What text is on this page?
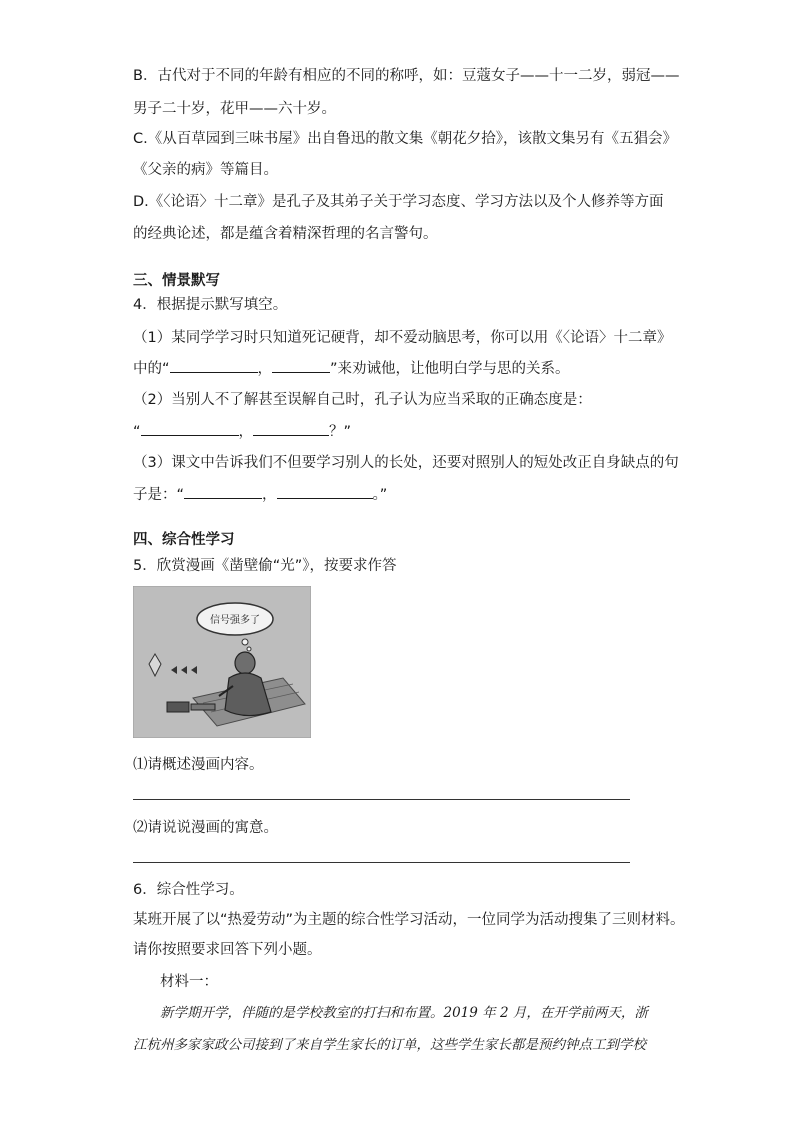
B．古代对于不同的年龄有相应的不同的称呼，如：豆蔻女子——十一二岁，弱冠——
男子二十岁，花甲——六十岁。
C.《从百草园到三味书屋》出自鲁迅的散文集《朝花夕拾》，该散文集另有《五猖会》
《父亲的病》等篇目。
D.《〈论语〉十二章》是孔子及其弟子关于学习态度、学习方法以及个人修养等方面
的经典论述，都是蕴含着精深哲理的名言警句。
三、情景默写
4．根据提示默写填空。
（1）某同学学习时只知道死记硬背，却不爱动脑思考，你可以用《〈论语〉十二章》
中的“	，	”来劝诫他，让他明白学与思的关系。
（2）当别人不了解甚至误解自己时，孔子认为应当采取的正确态度是：
“	，	？”
（3）课文中告诉我们不但要学习别人的长处，还要对照别人的短处改正自身缺点的句
子是：“	，	。”
四、综合性学习
5．欣赏漫画《凿壁偷“光”》，按要求作答
信号强多了
⑴请概述漫画内容。
⑵请说说漫画的寓意。
6．综合性学习。
某班开展了以“热爱劳动”为主题的综合性学习活动，一位同学为活动搜集了三则材料。
请你按照要求回答下列小题。
材料一：
新学期开学，伴随的是学校教室的打扫和布置。2019 年 2 月，在开学前两天，浙
江杭州多家家政公司接到了来自学生家长的订单，这些学生家长都是预约钟点工到学校
